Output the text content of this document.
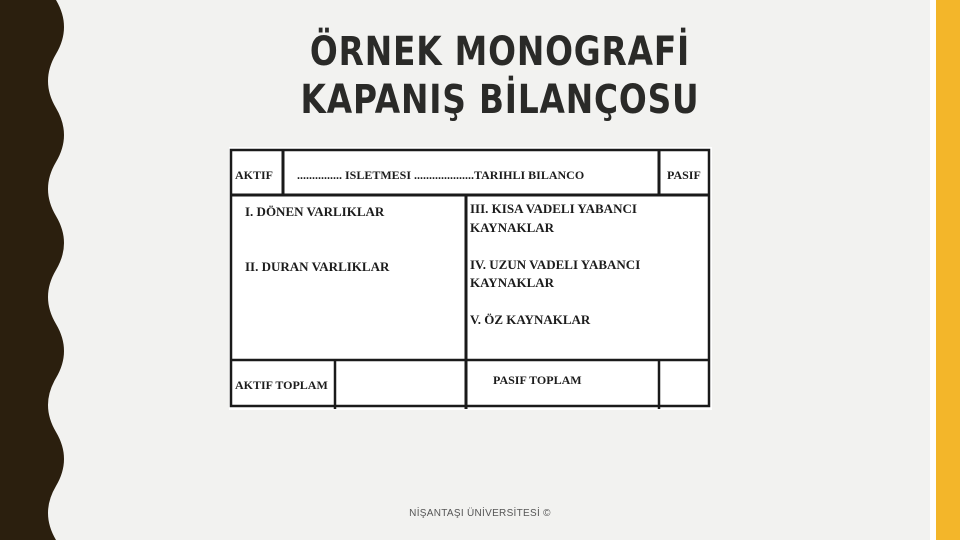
ÖRNEK MONOGRAFİ
KAPANIŞ BİLANÇOSU
AKTIF ............... ISLETMESI ....................TARIHLI BILANCO	PASIF
I. DÖNEN VARLIKLAR
II. DURAN VARLIKLAR
III. KISA VADELI YABANCI
KAYNAKLAR
IV. UZUN VADELI YABANCI
KAYNAKLAR
V. ÖZ KAYNAKLAR
AKTIF TOPLAM	PASIF TOPLAM
NİŞANTAŞI ÜNİVERSİTESİ ©
